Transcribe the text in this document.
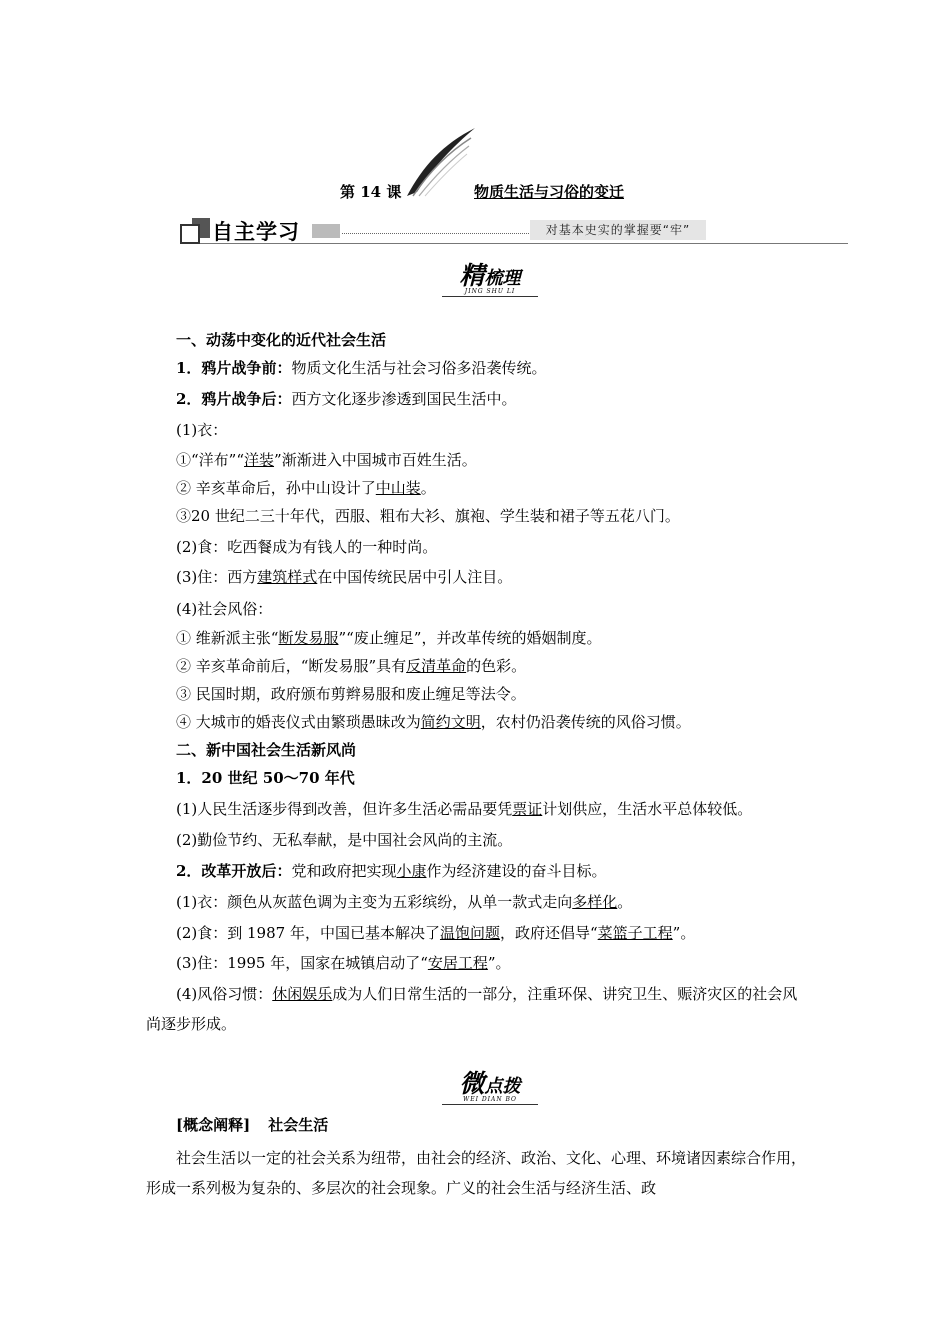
第 14 课	物质生活与习俗的变迁
自主学习	对基本史实的掌握要“牢”
精梳理
JING SHU LI
一、动荡中变化的近代社会生活
1．鸦片战争前：物质文化生活与社会习俗多沿袭传统。
2．鸦片战争后：西方文化逐步渗透到国民生活中。
(1)衣：
①“洋布”“洋装”渐渐进入中国城市百姓生活。
② 辛亥革命后，孙中山设计了中山装。
③20 世纪二三十年代，西服、粗布大衫、旗袍、学生装和裙子等五花八门。
(2)食：吃西餐成为有钱人的一种时尚。
(3)住：西方建筑样式在中国传统民居中引人注目。
(4)社会风俗：
① 维新派主张“断发易服”“废止缠足”，并改革传统的婚姻制度。
② 辛亥革命前后，“断发易服”具有反清革命的色彩。
③ 民国时期，政府颁布剪辫易服和废止缠足等法令。
④ 大城市的婚丧仪式由繁琐愚昧改为简约文明，农村仍沿袭传统的风俗习惯。
二、新中国社会生活新风尚
1．20 世纪 50～70 年代
(1)人民生活逐步得到改善，但许多生活必需品要凭票证计划供应，生活水平总体较低。
(2)勤俭节约、无私奉献，是中国社会风尚的主流。
2．改革开放后：党和政府把实现小康作为经济建设的奋斗目标。
(1)衣：颜色从灰蓝色调为主变为五彩缤纷，从单一款式走向多样化。
(2)食：到 1987 年，中国已基本解决了温饱问题，政府还倡导“菜篮子工程”。
(3)住：1995 年，国家在城镇启动了“安居工程”。
(4)风俗习惯：休闲娱乐成为人们日常生活的一部分，注重环保、讲究卫生、赈济灾区的社会风尚逐步形成。
微点拨
WEI DIAN BO
[概念阐释] 社会生活
社会生活以一定的社会关系为纽带，由社会的经济、政治、文化、心理、环境诸因素综合作用，形成一系列极为复杂的、多层次的社会现象。广义的社会生活与经济生活、政
